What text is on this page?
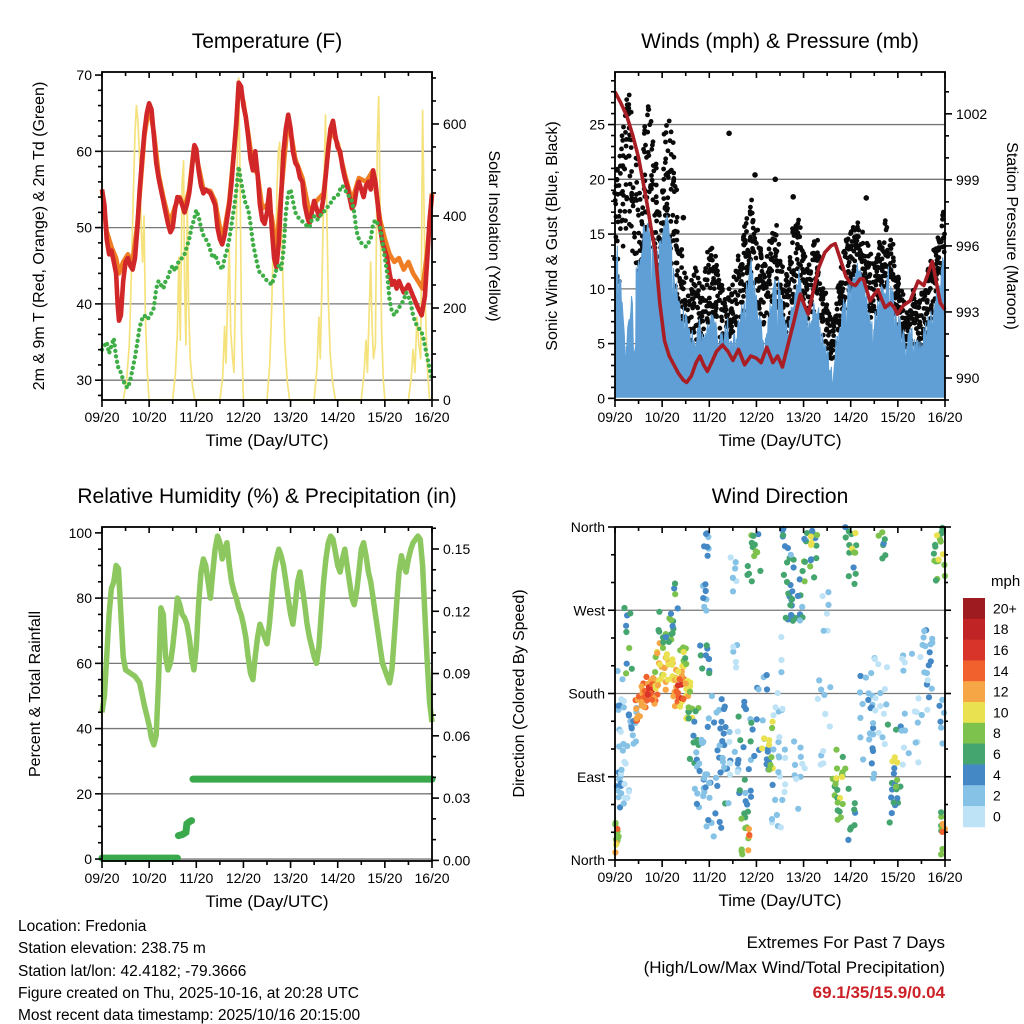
09/20 10/20 11/20 12/20 13/20 14/20 15/20 16/20
30
40
50
60
70
0
200
400
600
Temperature (F)
Time (Day/UTC)
2m & 9m T (Red, Orange) & 2m Td (Green)	Solar Insolation (Yellow)
09/20 10/20 11/20 12/20 13/20 14/20 15/20 16/20
0
5
10
15
20
25
990
993
996
999
1002
Winds (mph) & Pressure (mb)
Time (Day/UTC)
Sonic Wind & Gust (Blue, Black)	Station Pressure (Maroon)
09/20 10/20 11/20 12/20 13/20 14/20 15/20 16/20
0
20
40
60
80
100
0.00
0.03
0.06
0.09
0.12
0.15
Relative Humidity (%) & Precipitation (in)
Time (Day/UTC)
Percent & Total Rainfall
09/20 10/20 11/20 12/20 13/20 14/20 15/20 16/20
North
East
South
West
North
Wind Direction
Time (Day/UTC)
Direction (Colored By Speed)
mph
20+
18
16
14
12
10
8
6
4
2
0
Location: Fredonia
Station elevation: 238.75 m
Station lat/lon: 42.4182; -79.3666
Figure created on Thu, 2025-10-16, at 20:28 UTC
Most recent data timestamp: 2025/10/16 20:15:00
Extremes For Past 7 Days
(High/Low/Max Wind/Total Precipitation)
69.1/35/15.9/0.04
